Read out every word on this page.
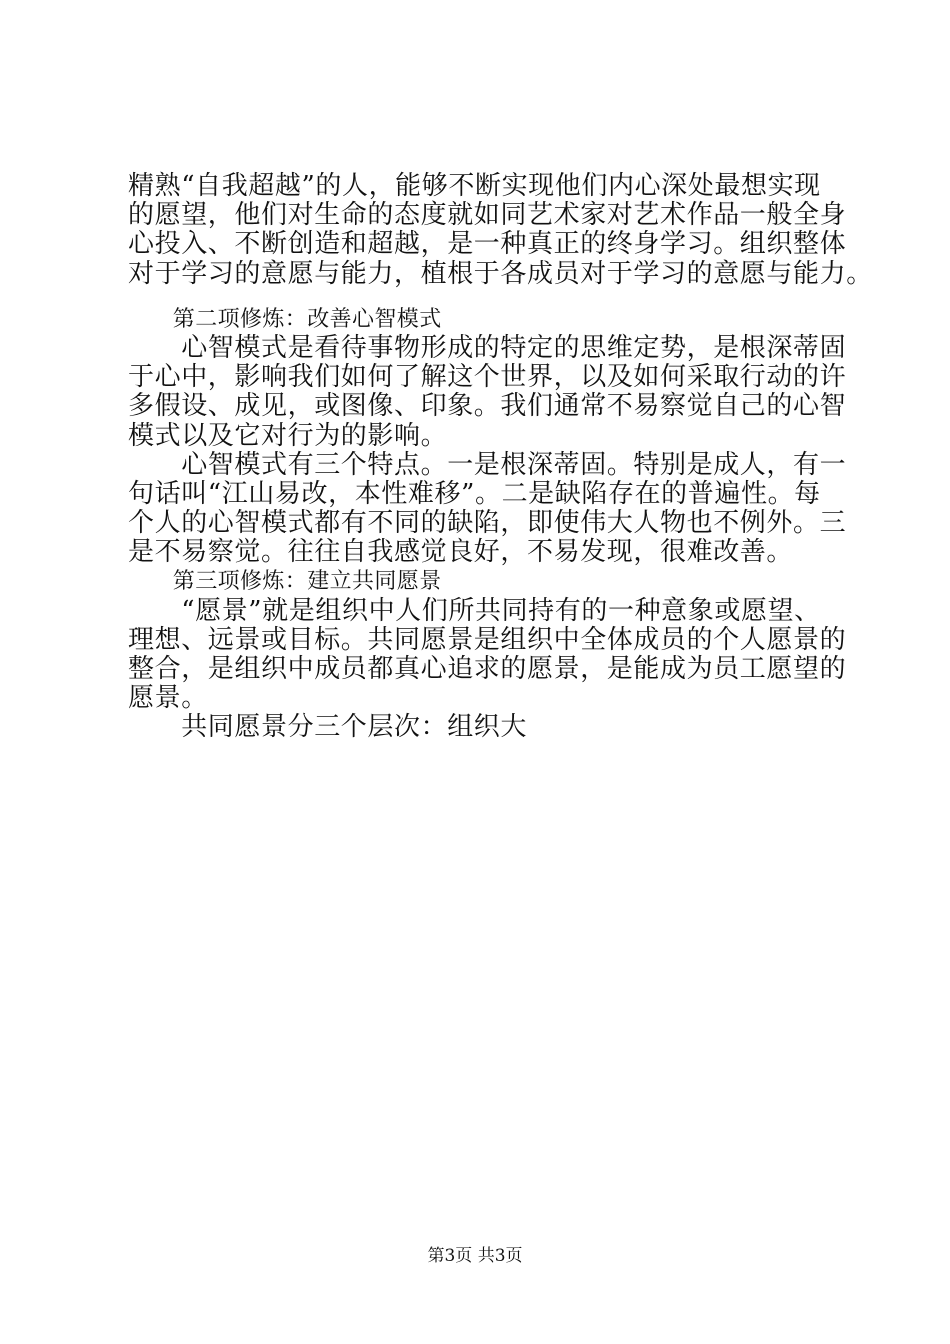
精熟“自我超越”的人，能够不断实现他们内心深处最想实现
的愿望，他们对生命的态度就如同艺术家对艺术作品一般全身
心投入、不断创造和超越，是一种真正的终身学习。组织整体
对于学习的意愿与能力，植根于各成员对于学习的意愿与能力。
　　第二项修炼：改善心智模式
　　心智模式是看待事物形成的特定的思维定势，是根深蒂固
于心中，影响我们如何了解这个世界，以及如何采取行动的许
多假设、成见，或图像、印象。我们通常不易察觉自己的心智
模式以及它对行为的影响。
　　心智模式有三个特点。一是根深蒂固。特别是成人，有一
句话叫“江山易改，本性难移”。二是缺陷存在的普遍性。每
个人的心智模式都有不同的缺陷，即使伟大人物也不例外。三
是不易察觉。往往自我感觉良好，不易发现，很难改善。
　　第三项修炼：建立共同愿景
　　“愿景”就是组织中人们所共同持有的一种意象或愿望、
理想、远景或目标。共同愿景是组织中全体成员的个人愿景的
整合，是组织中成员都真心追求的愿景，是能成为员工愿望的
愿景。
　　共同愿景分三个层次：组织大
第3页 共3页
